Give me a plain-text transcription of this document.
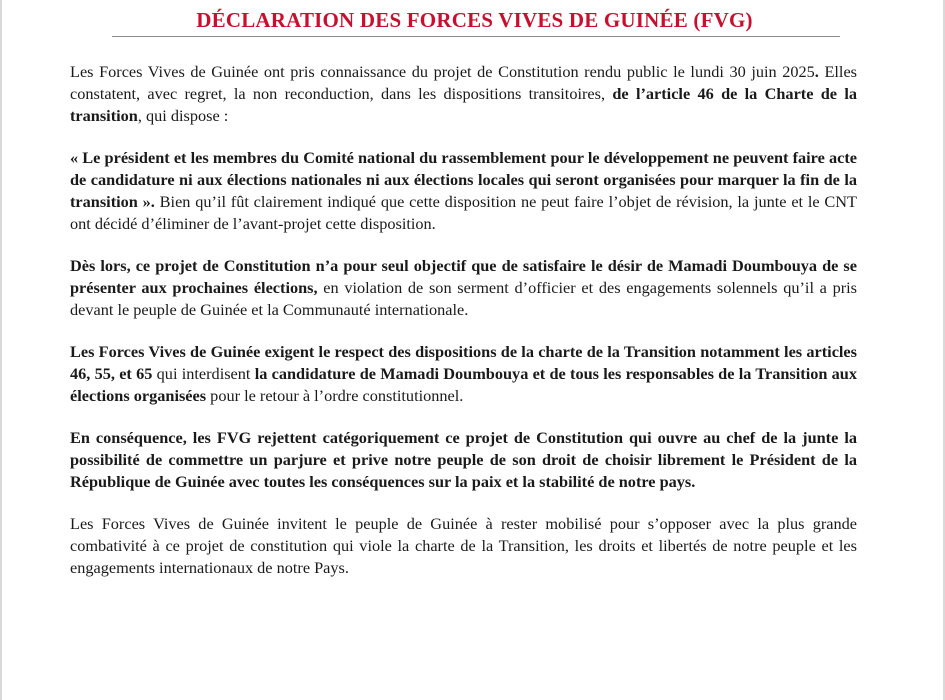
DÉCLARATION DES FORCES VIVES DE GUINÉE (FVG)

Les Forces Vives de Guinée ont pris connaissance du projet de Constitution rendu public le lundi 30 juin 2025. Elles constatent, avec regret, la non reconduction, dans les dispositions transitoires, de l’article 46 de la Charte de la transition, qui dispose :

« Le président et les membres du Comité national du rassemblement pour le développement ne peuvent faire acte de candidature ni aux élections nationales ni aux élections locales qui seront organisées pour marquer la fin de la transition ». Bien qu’il fût clairement indiqué que cette disposition ne peut faire l’objet de révision, la junte et le CNT ont décidé d’éliminer de l’avant-projet cette disposition.

Dès lors, ce projet de Constitution n’a pour seul objectif que de satisfaire le désir de Mamadi Doumbouya de se présenter aux prochaines élections, en violation de son serment d’officier et des engagements solennels qu’il a pris devant le peuple de Guinée et la Communauté internationale.

Les Forces Vives de Guinée exigent le respect des dispositions de la charte de la Transition notamment les articles 46, 55, et 65 qui interdisent la candidature de Mamadi Doumbouya et de tous les responsables de la Transition aux élections organisées pour le retour à l’ordre constitutionnel.

En conséquence, les FVG rejettent catégoriquement ce projet de Constitution qui ouvre au chef de la junte la possibilité de commettre un parjure et prive notre peuple de son droit de choisir librement le Président de la République de Guinée avec toutes les conséquences sur la paix et la stabilité de notre pays.

Les Forces Vives de Guinée invitent le peuple de Guinée à rester mobilisé pour s’opposer avec la plus grande combativité à ce projet de constitution qui viole la charte de la Transition, les droits et libertés de notre peuple et les engagements internationaux de notre Pays.
